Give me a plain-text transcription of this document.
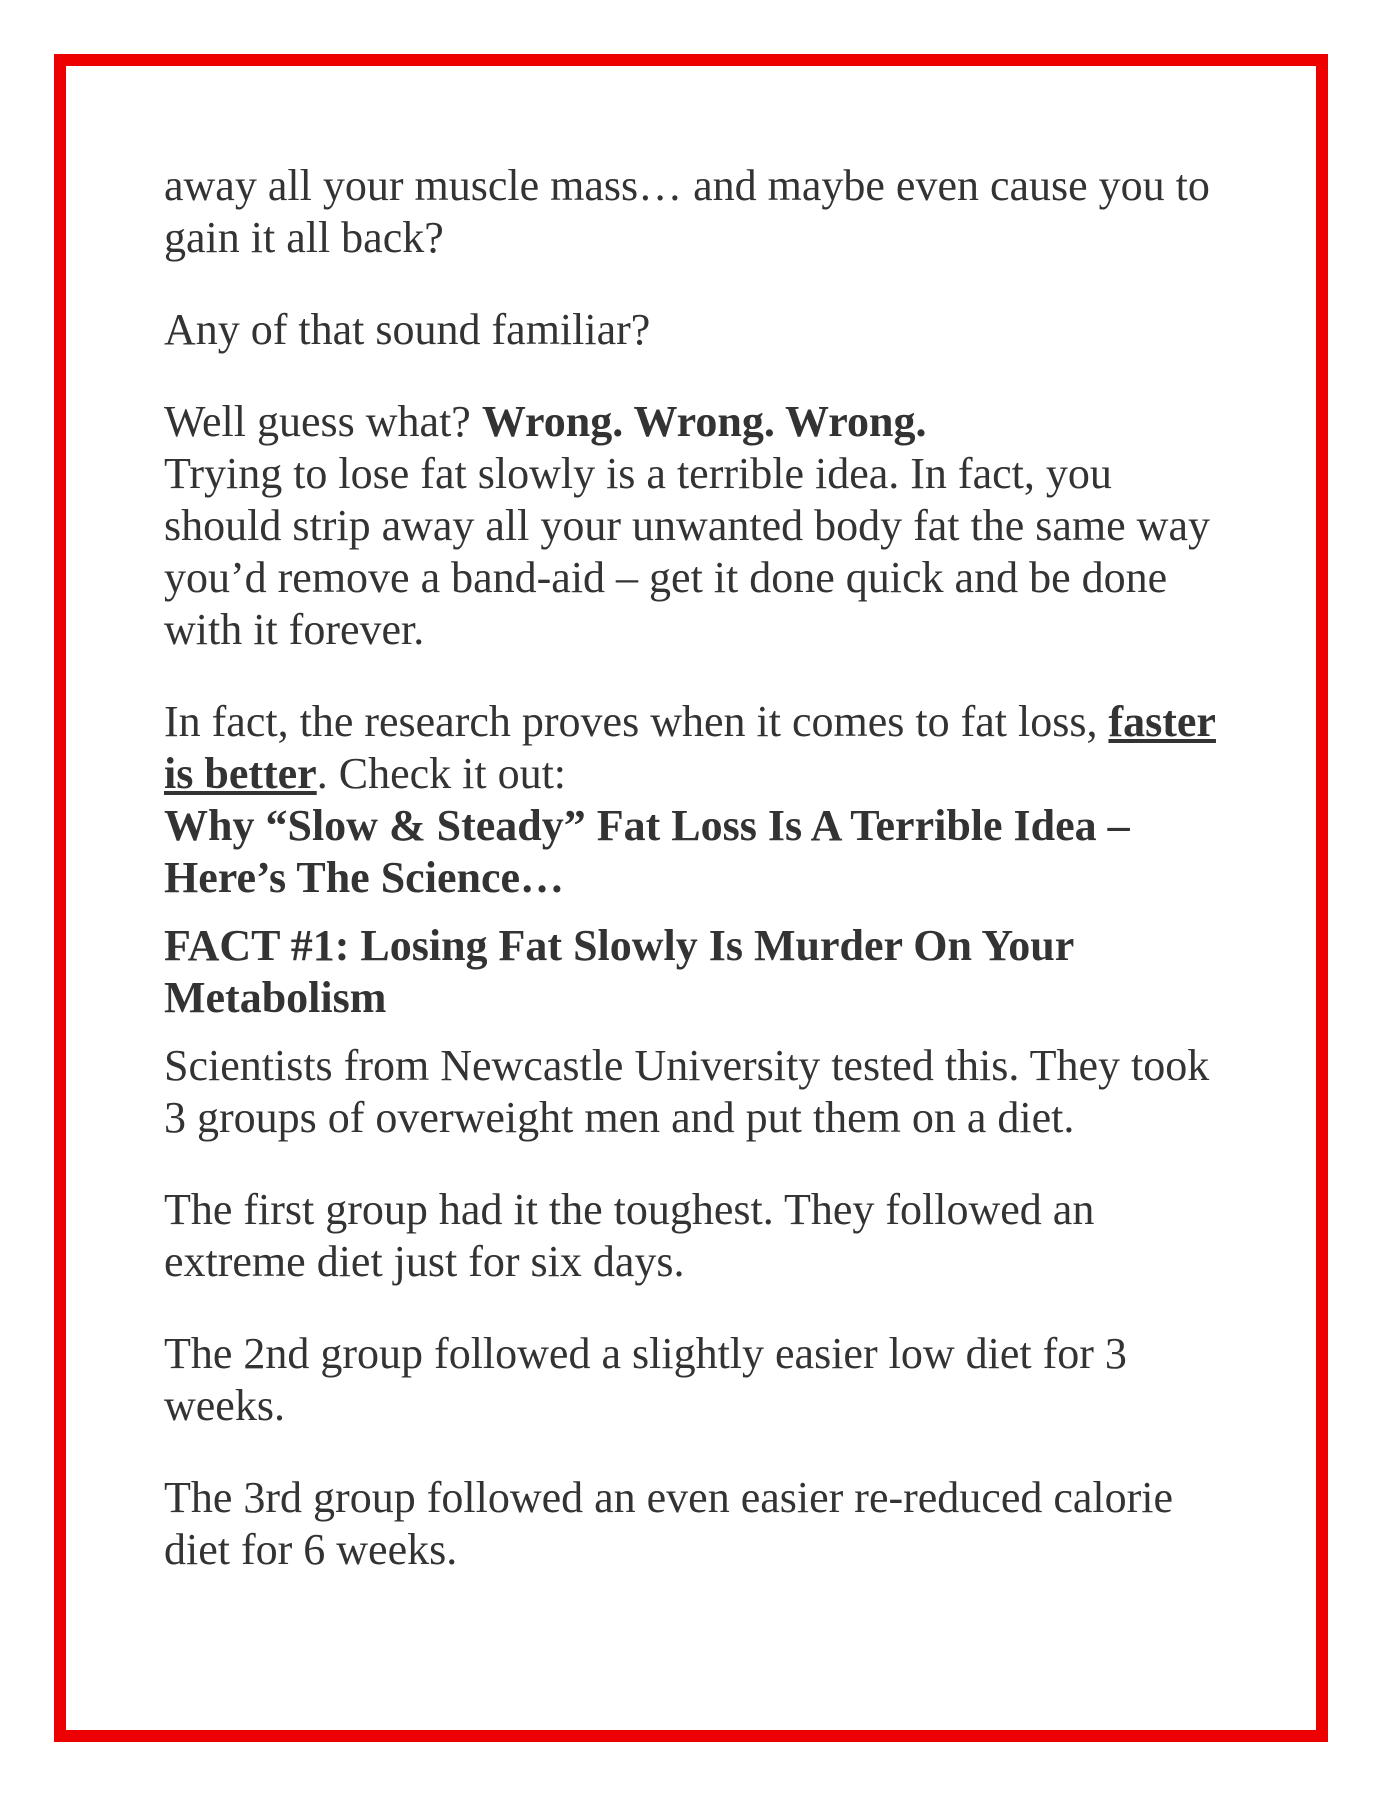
away all your muscle mass… and maybe even cause you to gain it all back?

Any of that sound familiar?

Well guess what? Wrong. Wrong. Wrong.

Trying to lose fat slowly is a terrible idea. In fact, you should strip away all your unwanted body fat the same way you’d remove a band-aid – get it done quick and be done with it forever.

In fact, the research proves when it comes to fat loss, faster is better. Check it out:

Why “Slow & Steady” Fat Loss Is A Terrible Idea – Here’s The Science…
FACT #1: Losing Fat Slowly Is Murder On Your Metabolism

Scientists from Newcastle University tested this. They took 3 groups of overweight men and put them on a diet.

The first group had it the toughest. They followed an extreme diet just for six days.

The 2nd group followed a slightly easier low diet for 3 weeks.

The 3rd group followed an even easier re-reduced calorie diet for 6 weeks.
